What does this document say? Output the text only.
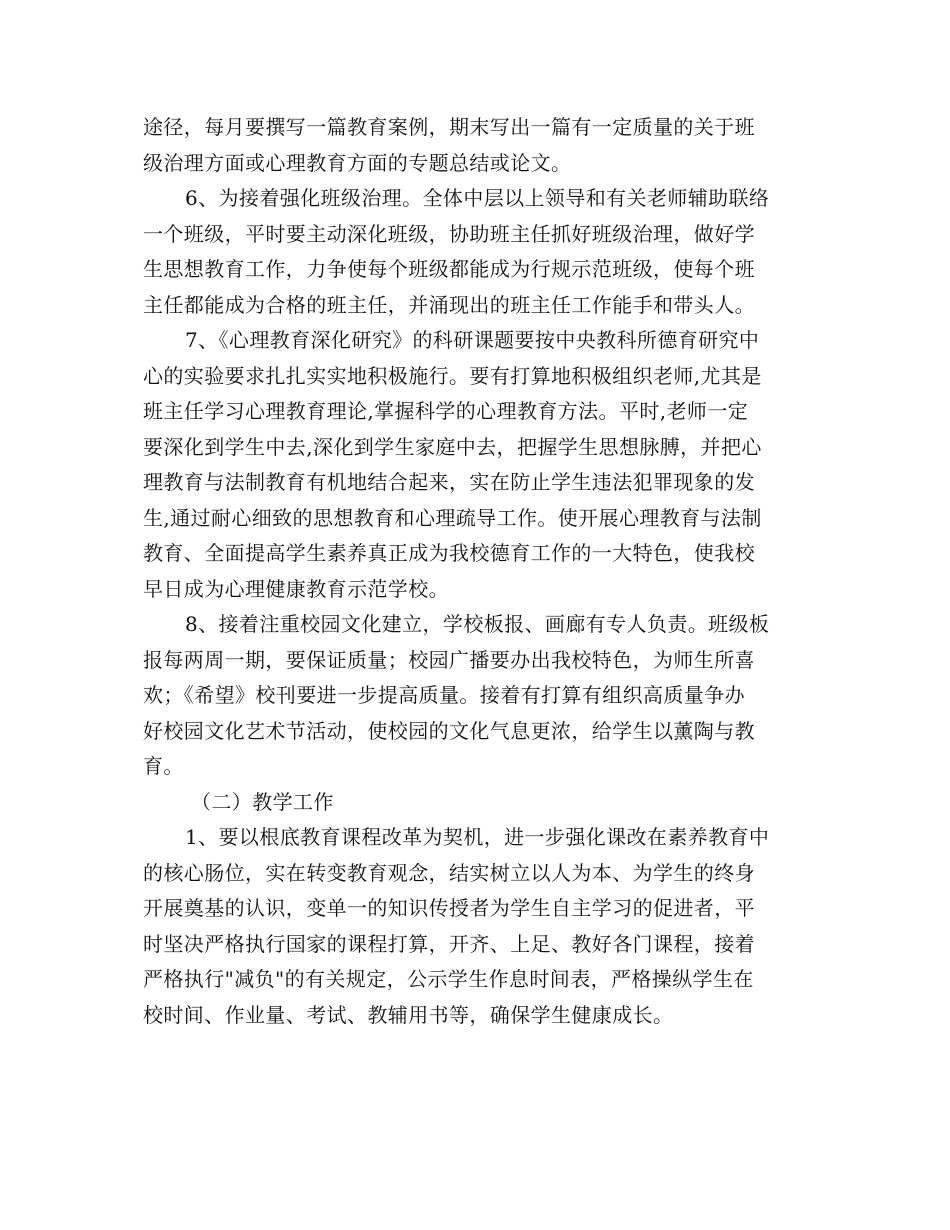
途径，每月要撰写一篇教育案例，期末写出一篇有一定质量的关于班
级治理方面或心理教育方面的专题总结或论文。
6、为接着强化班级治理。全体中层以上领导和有关老师辅助联络
一个班级，平时要主动深化班级，协助班主任抓好班级治理，做好学
生思想教育工作，力争使每个班级都能成为行规示范班级，使每个班
主任都能成为合格的班主任，并涌现出的班主任工作能手和带头人。
7、《心理教育深化研究》的科研课题要按中央教科所德育研究中
心的实验要求扎扎实实地积极施行。要有打算地积极组织老师,尤其是
班主任学习心理教育理论,掌握科学的心理教育方法。平时,老师一定
要深化到学生中去,深化到学生家庭中去，把握学生思想脉膊，并把心
理教育与法制教育有机地结合起来，实在防止学生违法犯罪现象的发
生,通过耐心细致的思想教育和心理疏导工作。使开展心理教育与法制
教育、全面提高学生素养真正成为我校德育工作的一大特色，使我校
早日成为心理健康教育示范学校。
8、接着注重校园文化建立，学校板报、画廊有专人负责。班级板
报每两周一期，要保证质量；校园广播要办出我校特色，为师生所喜
欢；《希望》校刊要进一步提高质量。接着有打算有组织高质量争办
好校园文化艺术节活动，使校园的文化气息更浓，给学生以薰陶与教
育。
（二）教学工作
1、要以根底教育课程改革为契机，进一步强化课改在素养教育中
的核心肠位，实在转变教育观念，结实树立以人为本、为学生的终身
开展奠基的认识，变单一的知识传授者为学生自主学习的促进者，平
时坚决严格执行国家的课程打算，开齐、上足、教好各门课程，接着
严格执行"减负"的有关规定，公示学生作息时间表，严格操纵学生在
校时间、作业量、考试、教辅用书等，确保学生健康成长。
